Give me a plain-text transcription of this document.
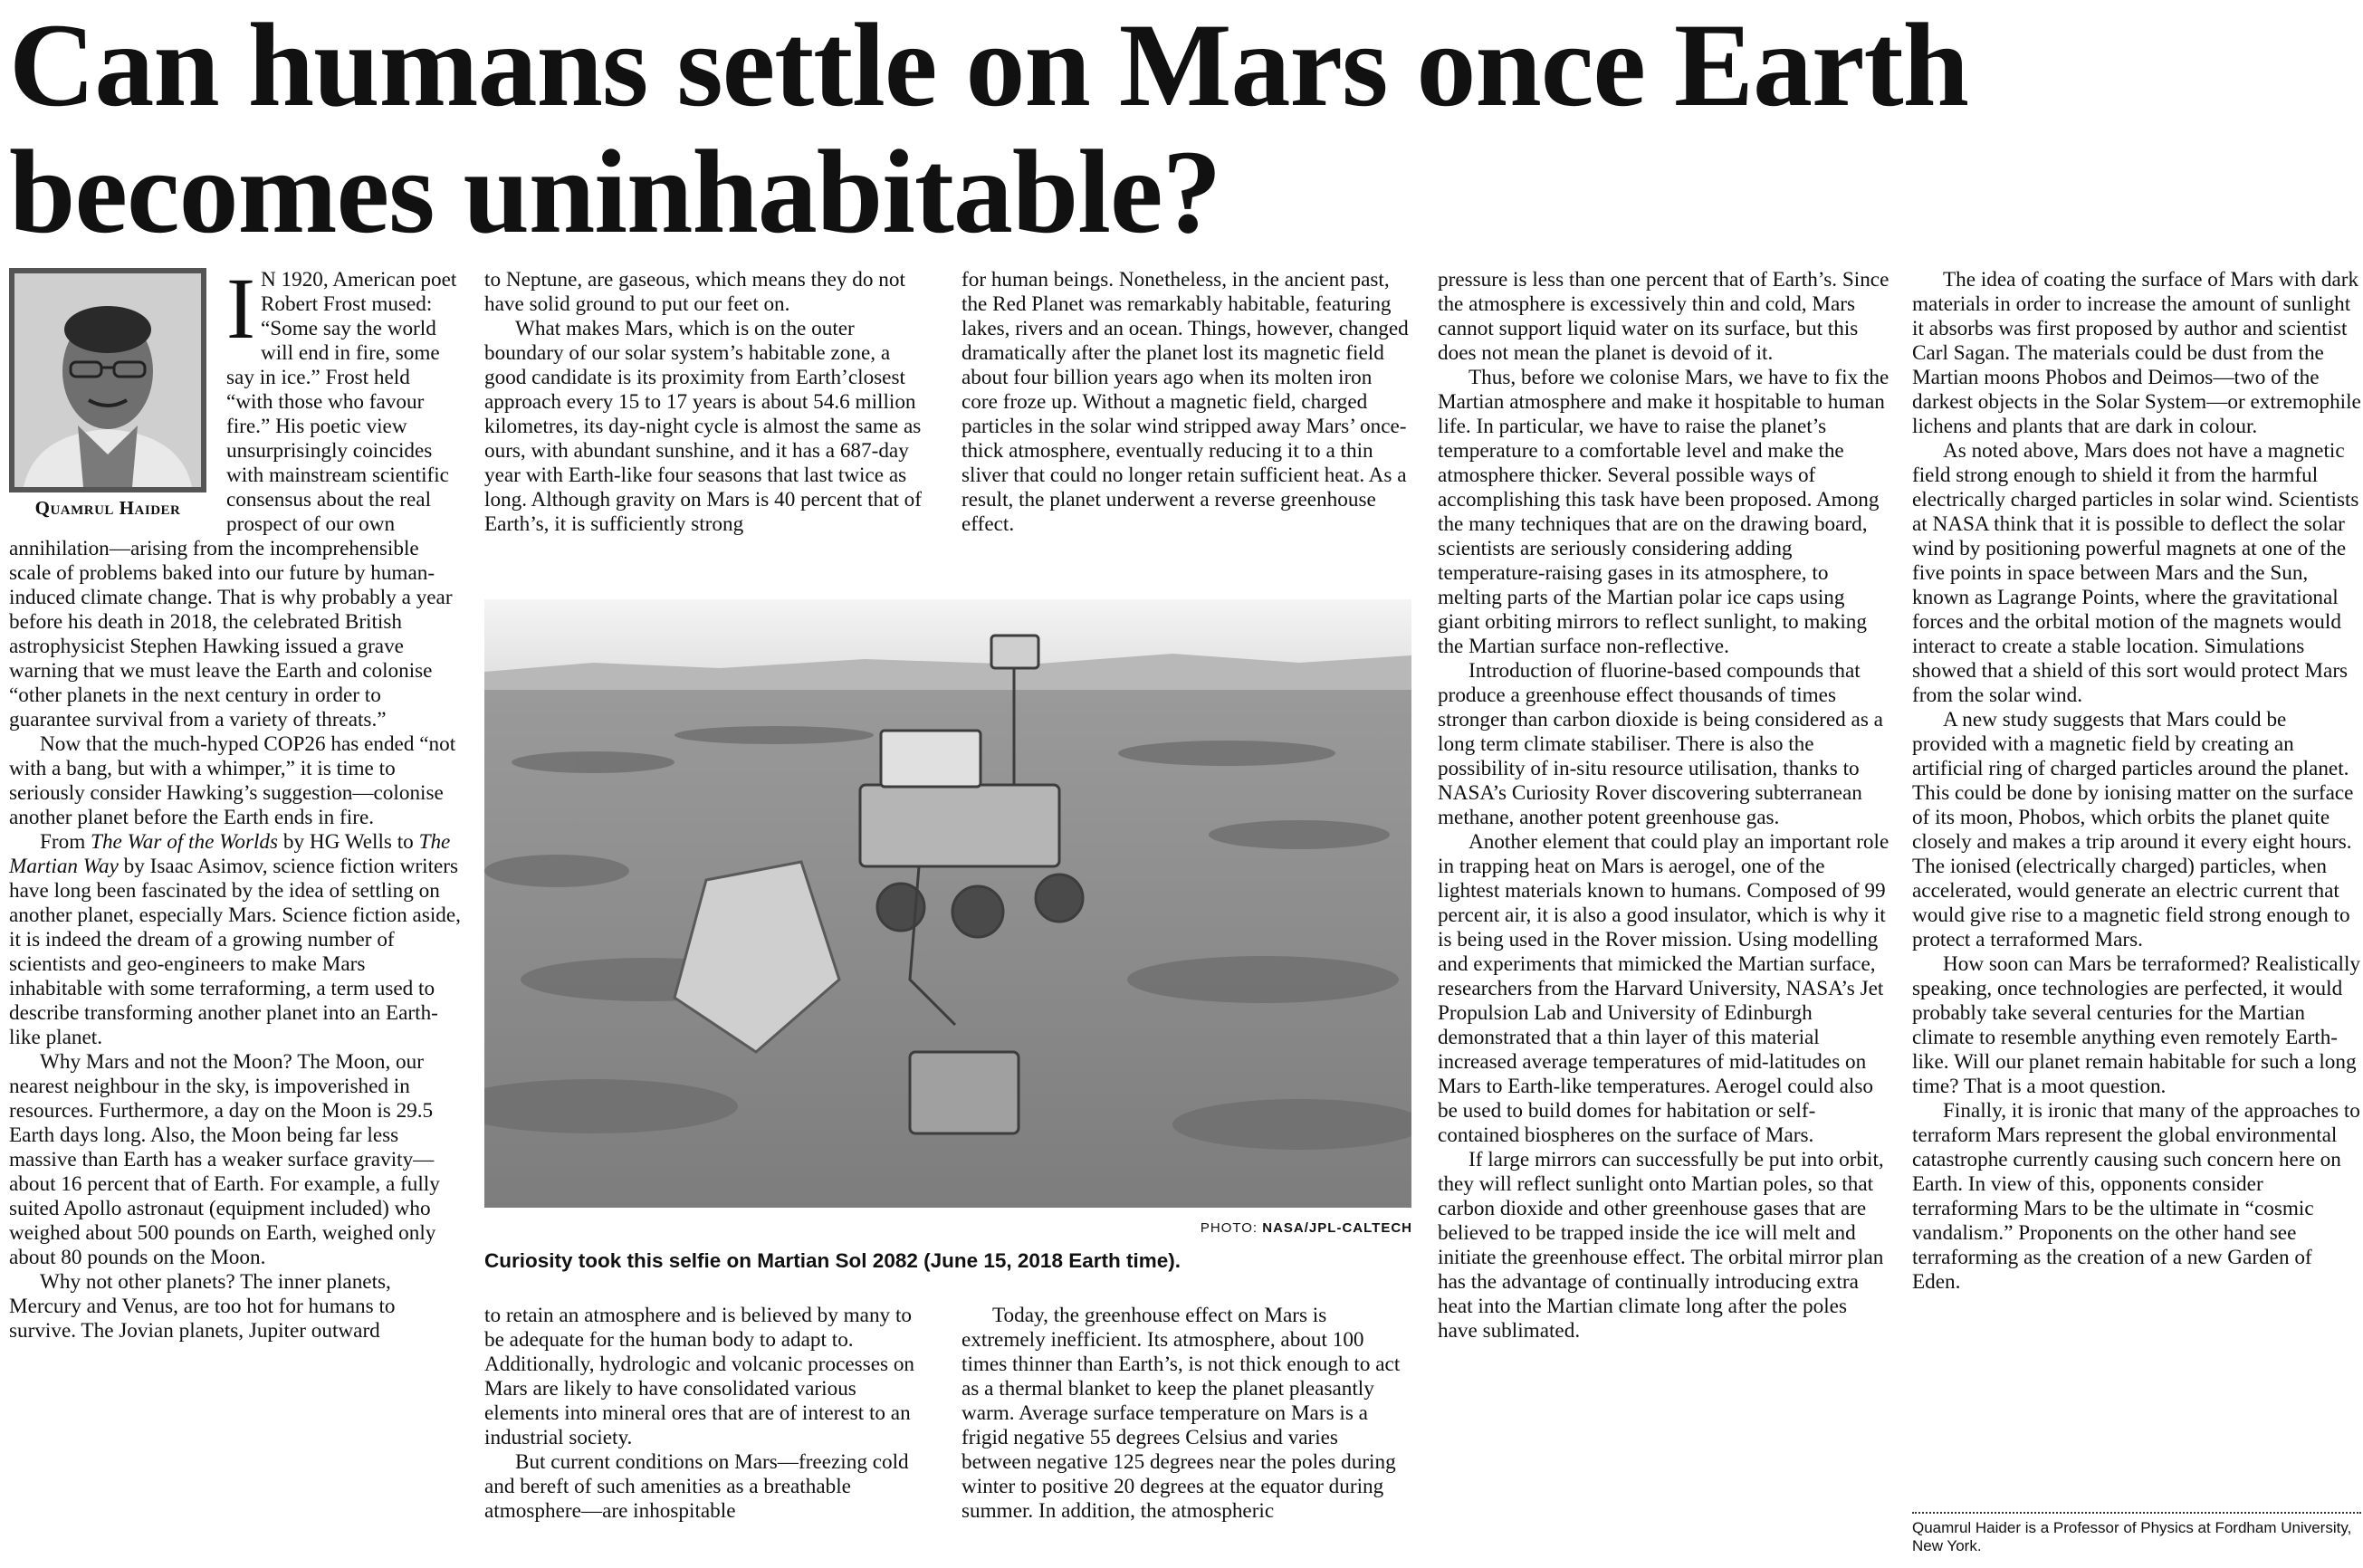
Can humans settle on Mars once Earth becomes uninhabitable?
Quamrul Haider

I N 1920, American poet Robert Frost mused: “Some say the world will end in fire, some say in ice.” Frost held “with those who favour fire.” His poetic view unsurprisingly coincides with mainstream scientific consensus about the real prospect of our own annihilation—arising from the incomprehensible scale of problems baked into our future by human-induced climate change. That is why probably a year before his death in 2018, the celebrated British astrophysicist Stephen Hawking issued a grave warning that we must leave the Earth and colonise “other planets in the next century in order to guarantee survival from a variety of threats.”

Now that the much-hyped COP26 has ended “not with a bang, but with a whimper,” it is time to seriously consider Hawking’s suggestion—colonise another planet before the Earth ends in fire.

From The War of the Worlds by HG Wells to The Martian Way by Isaac Asimov, science fiction writers have long been fascinated by the idea of settling on another planet, especially Mars. Science fiction aside, it is indeed the dream of a growing number of scientists and geo-engineers to make Mars inhabitable with some terraforming, a term used to describe transforming another planet into an Earth-like planet.

Why Mars and not the Moon? The Moon, our nearest neighbour in the sky, is impoverished in resources. Furthermore, a day on the Moon is 29.5 Earth days long. Also, the Moon being far less massive than Earth has a weaker surface gravity—about 16 percent that of Earth. For example, a fully suited Apollo astronaut (equipment included) who weighed about 500 pounds on Earth, weighed only about 80 pounds on the Moon.

Why not other planets? The inner planets, Mercury and Venus, are too hot for humans to survive. The Jovian planets, Jupiter outward

to Neptune, are gaseous, which means they do not have solid ground to put our feet on.

What makes Mars, which is on the outer boundary of our solar system’s habitable zone, a good candidate is its proximity from Earth’closest approach every 15 to 17 years is about 54.6 million kilometres, its day-night cycle is almost the same as ours, with abundant sunshine, and it has a 687-day year with Earth-like four seasons that last twice as long. Although gravity on Mars is 40 percent that of Earth’s, it is sufficiently strong

for human beings. Nonetheless, in the ancient past, the Red Planet was remarkably habitable, featuring lakes, rivers and an ocean. Things, however, changed dramatically after the planet lost its magnetic field about four billion years ago when its molten iron core froze up. Without a magnetic field, charged particles in the solar wind stripped away Mars’ once-thick atmosphere, eventually reducing it to a thin sliver that could no longer retain sufficient heat. As a result, the planet underwent a reverse greenhouse effect.

PHOTO: NASA/JPL-CALTECH
Curiosity took this selfie on Martian Sol 2082 (June 15, 2018 Earth time).

to retain an atmosphere and is believed by many to be adequate for the human body to adapt to. Additionally, hydrologic and volcanic processes on Mars are likely to have consolidated various elements into mineral ores that are of interest to an industrial society.

But current conditions on Mars—freezing cold and bereft of such amenities as a breathable atmosphere—are inhospitable

Today, the greenhouse effect on Mars is extremely inefficient. Its atmosphere, about 100 times thinner than Earth’s, is not thick enough to act as a thermal blanket to keep the planet pleasantly warm. Average surface temperature on Mars is a frigid negative 55 degrees Celsius and varies between negative 125 degrees near the poles during winter to positive 20 degrees at the equator during summer. In addition, the atmospheric

pressure is less than one percent that of Earth’s. Since the atmosphere is excessively thin and cold, Mars cannot support liquid water on its surface, but this does not mean the planet is devoid of it.

Thus, before we colonise Mars, we have to fix the Martian atmosphere and make it hospitable to human life. In particular, we have to raise the planet’s temperature to a comfortable level and make the atmosphere thicker. Several possible ways of accomplishing this task have been proposed. Among the many techniques that are on the drawing board, scientists are seriously considering adding temperature-raising gases in its atmosphere, to melting parts of the Martian polar ice caps using giant orbiting mirrors to reflect sunlight, to making the Martian surface non-reflective.

Introduction of fluorine-based compounds that produce a greenhouse effect thousands of times stronger than carbon dioxide is being considered as a long term climate stabiliser. There is also the possibility of in-situ resource utilisation, thanks to NASA’s Curiosity Rover discovering subterranean methane, another potent greenhouse gas.

Another element that could play an important role in trapping heat on Mars is aerogel, one of the lightest materials known to humans. Composed of 99 percent air, it is also a good insulator, which is why it is being used in the Rover mission. Using modelling and experiments that mimicked the Martian surface, researchers from the Harvard University, NASA’s Jet Propulsion Lab and University of Edinburgh demonstrated that a thin layer of this material increased average temperatures of mid-latitudes on Mars to Earth-like temperatures. Aerogel could also be used to build domes for habitation or self-contained biospheres on the surface of Mars.

If large mirrors can successfully be put into orbit, they will reflect sunlight onto Martian poles, so that carbon dioxide and other greenhouse gases that are believed to be trapped inside the ice will melt and initiate the greenhouse effect. The orbital mirror plan has the advantage of continually introducing extra heat into the Martian climate long after the poles have sublimated.

The idea of coating the surface of Mars with dark materials in order to increase the amount of sunlight it absorbs was first proposed by author and scientist Carl Sagan. The materials could be dust from the Martian moons Phobos and Deimos—two of the darkest objects in the Solar System—or extremophile lichens and plants that are dark in colour.

As noted above, Mars does not have a magnetic field strong enough to shield it from the harmful electrically charged particles in solar wind. Scientists at NASA think that it is possible to deflect the solar wind by positioning powerful magnets at one of the five points in space between Mars and the Sun, known as Lagrange Points, where the gravitational forces and the orbital motion of the magnets would interact to create a stable location. Simulations showed that a shield of this sort would protect Mars from the solar wind.

A new study suggests that Mars could be provided with a magnetic field by creating an artificial ring of charged particles around the planet. This could be done by ionising matter on the surface of its moon, Phobos, which orbits the planet quite closely and makes a trip around it every eight hours. The ionised (electrically charged) particles, when accelerated, would generate an electric current that would give rise to a magnetic field strong enough to protect a terraformed Mars.

How soon can Mars be terraformed? Realistically speaking, once technologies are perfected, it would probably take several centuries for the Martian climate to resemble anything even remotely Earth-like. Will our planet remain habitable for such a long time? That is a moot question.

Finally, it is ironic that many of the approaches to terraform Mars represent the global environmental catastrophe currently causing such concern here on Earth. In view of this, opponents consider terraforming Mars to be the ultimate in “cosmic vandalism.” Proponents on the other hand see terraforming as the creation of a new Garden of Eden.

Quamrul Haider is a Professor of Physics at Fordham University, New York.
